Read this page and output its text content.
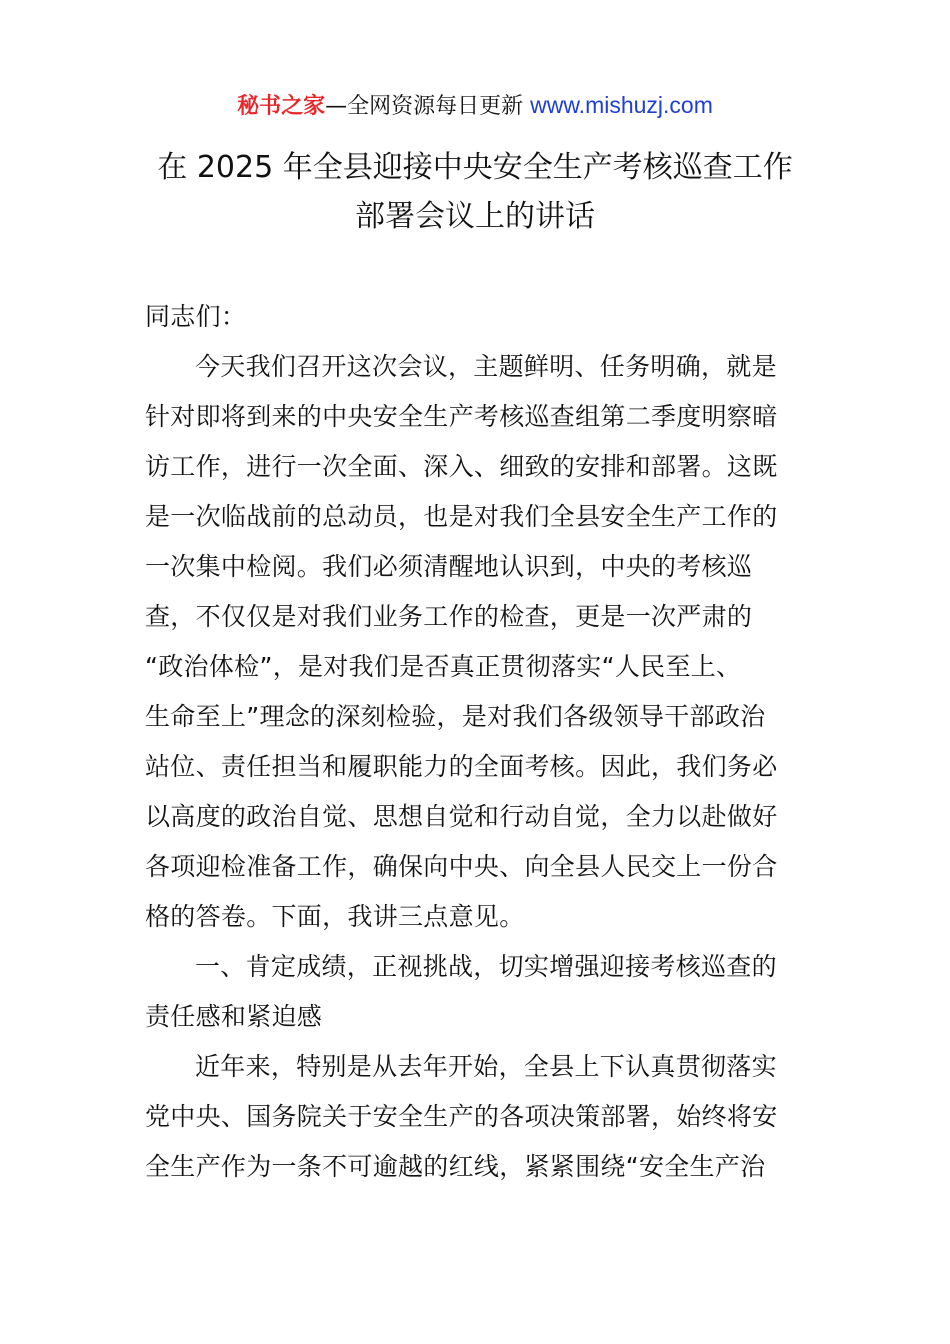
秘书之家—全网资源每日更新 www.mishuzj.com
在 2025 年全县迎接中央安全生产考核巡查工作
部署会议上的讲话
同志们：
今天我们召开这次会议，主题鲜明、任务明确，就是
针对即将到来的中央安全生产考核巡查组第二季度明察暗
访工作，进行一次全面、深入、细致的安排和部署。这既
是一次临战前的总动员，也是对我们全县安全生产工作的
一次集中检阅。我们必须清醒地认识到，中央的考核巡
查，不仅仅是对我们业务工作的检查，更是一次严肃的
“政治体检”，是对我们是否真正贯彻落实“人民至上、
生命至上”理念的深刻检验，是对我们各级领导干部政治
站位、责任担当和履职能力的全面考核。因此，我们务必
以高度的政治自觉、思想自觉和行动自觉，全力以赴做好
各项迎检准备工作，确保向中央、向全县人民交上一份合
格的答卷。下面，我讲三点意见。
一、肯定成绩，正视挑战，切实增强迎接考核巡查的
责任感和紧迫感
近年来，特别是从去年开始，全县上下认真贯彻落实
党中央、国务院关于安全生产的各项决策部署，始终将安
全生产作为一条不可逾越的红线，紧紧围绕“安全生产治
